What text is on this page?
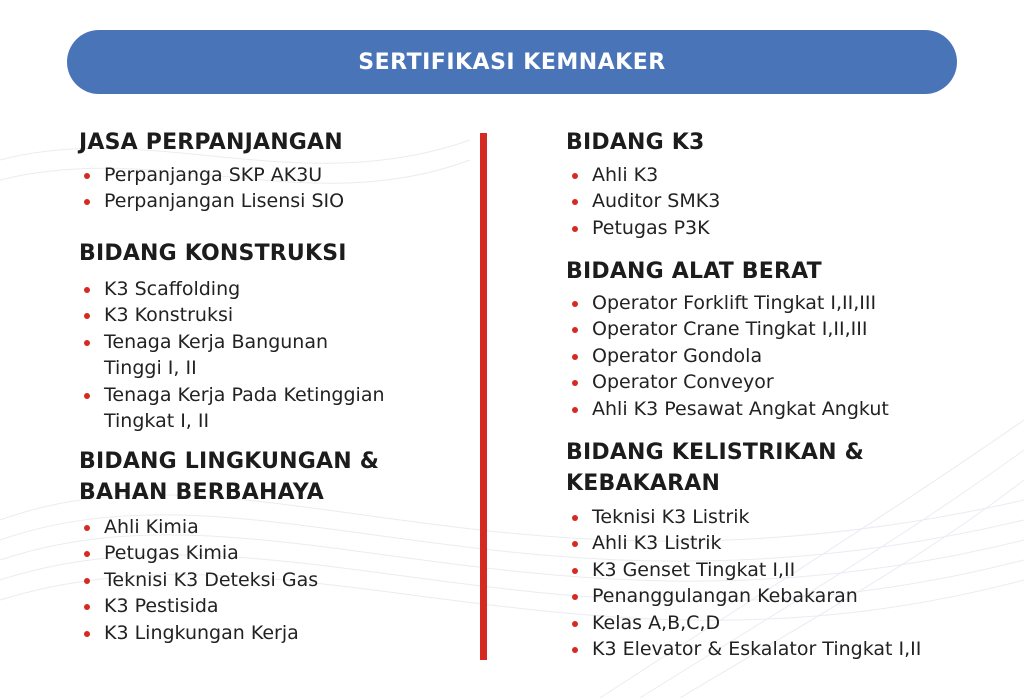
SERTIFIKASI KEMNAKER
JASA PERPANJANGAN
Perpanjanga SKP AK3U
Perpanjangan Lisensi SIO
BIDANG KONSTRUKSI
K3 Scaffolding
K3 Konstruksi
Tenaga Kerja Bangunan Tinggi I, II
Tenaga Kerja Pada Ketinggian Tingkat I, II
BIDANG LINGKUNGAN &
BAHAN BERBAHAYA
Ahli Kimia
Petugas Kimia
Teknisi K3 Deteksi Gas
K3 Pestisida
K3 Lingkungan Kerja
BIDANG K3
Ahli K3
Auditor SMK3
Petugas P3K
BIDANG ALAT BERAT
Operator Forklift Tingkat I,II,III
Operator Crane Tingkat I,II,III
Operator Gondola
Operator Conveyor
Ahli K3 Pesawat Angkat Angkut
BIDANG KELISTRIKAN &
KEBAKARAN
Teknisi K3 Listrik
Ahli K3 Listrik
K3 Genset Tingkat I,II
Penanggulangan Kebakaran
Kelas A,B,C,D
K3 Elevator & Eskalator Tingkat I,II
